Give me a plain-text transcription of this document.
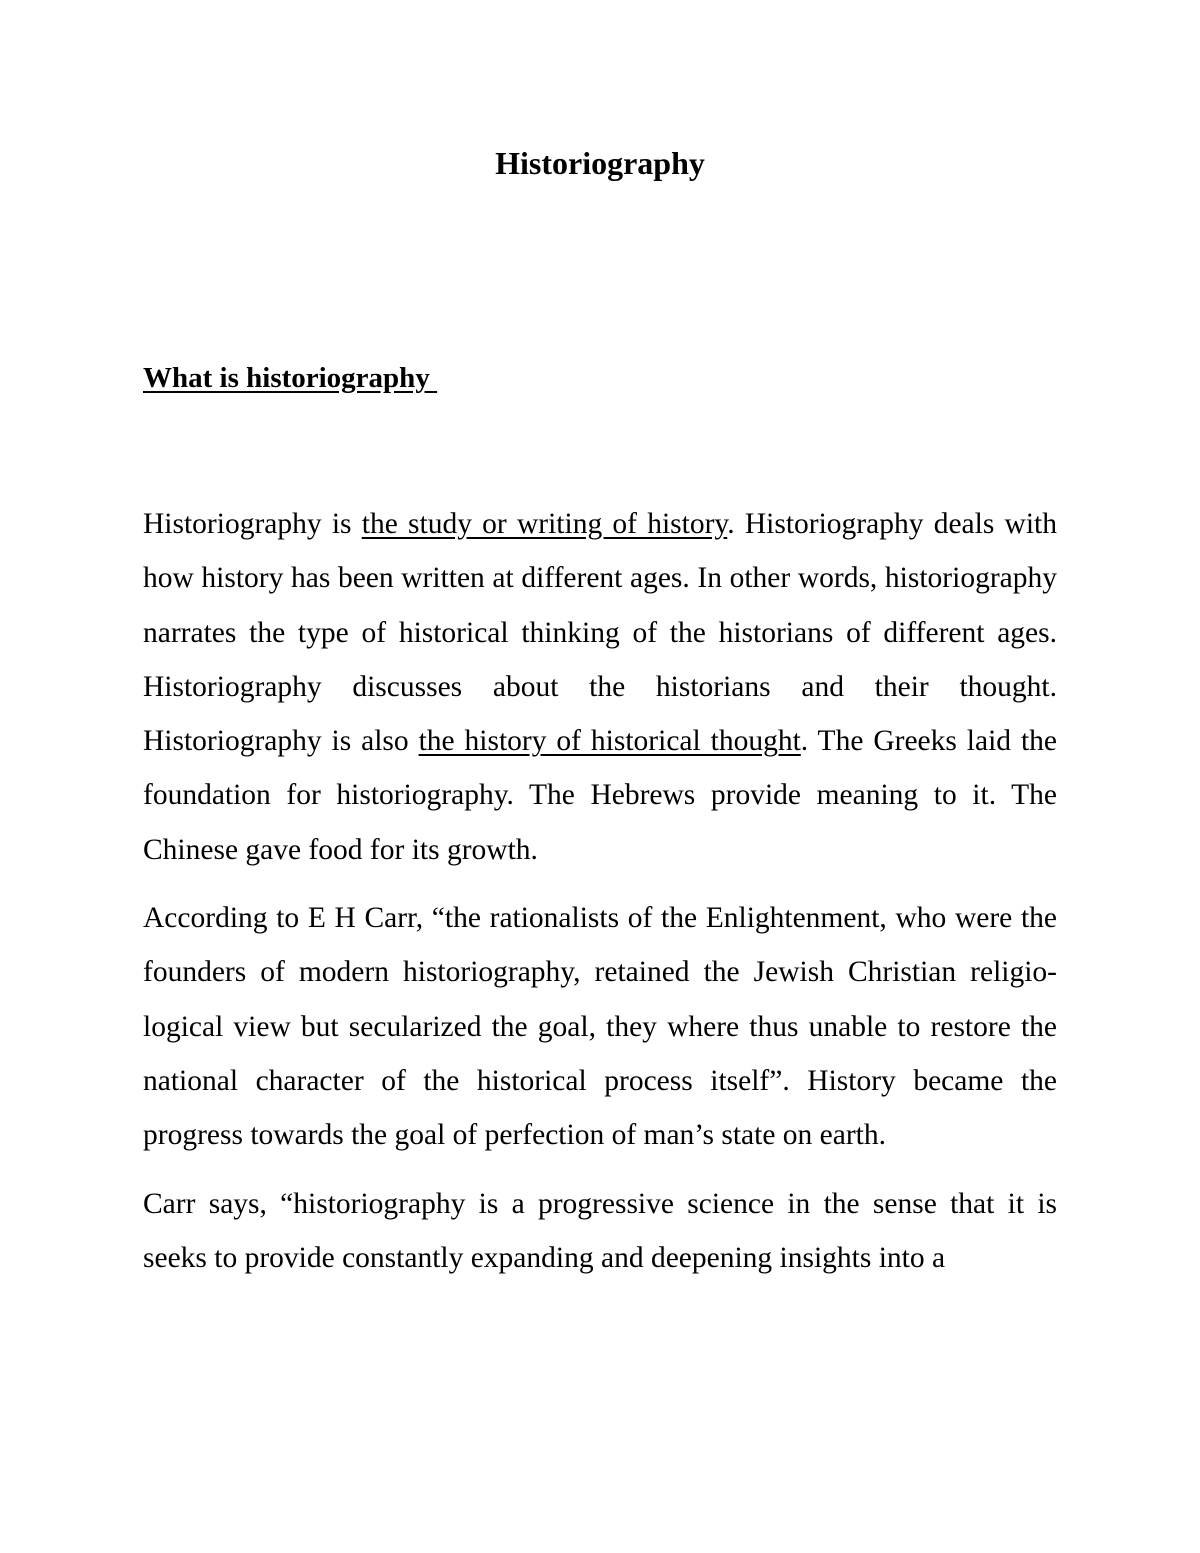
Historiography
What is historiography

Historiography is the study or writing of history. Historiography deals with how history has been written at different ages. In other words, historiography narrates the type of historical thinking of the historians of different ages. Historiography discusses about the historians and their thought. Historiography is also the history of historical thought. The Greeks laid the foundation for historiography. The Hebrews provide meaning to it. The Chinese gave food for its growth.

According to E H Carr, “the rationalists of the Enlightenment, who were the founders of modern historiography, retained the Jewish Christian religio-logical view but secularized the goal, they where thus unable to restore the national character of the historical process itself”. History became the progress towards the goal of perfection of man’s state on earth.

Carr says, “historiography is a progressive science in the sense that it is seeks to provide constantly expanding and deepening insights into a
